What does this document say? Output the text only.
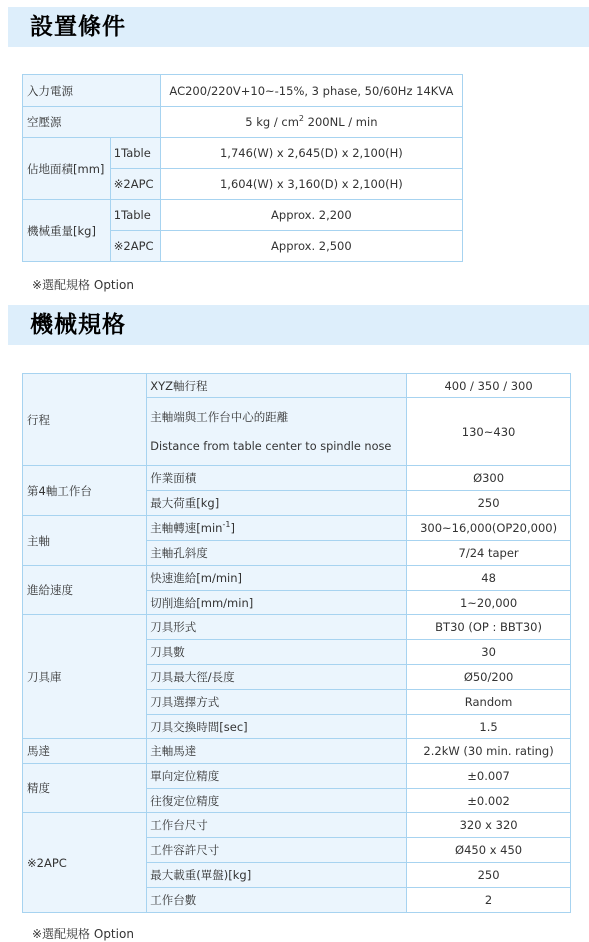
設置條件
入力電源		AC200/220V+10~-15%, 3 phase, 50/60Hz 14KVA
空壓源		5 kg / $cm^2$ 200NL / min
佔地面積[mm]	1Table	1,746(W) x 2,645(D) x 2,100(H)
	※2APC	1,604(W) x 3,160(D) x 2,100(H)
機械重量[kg]	1Table	Approx. 2,200
	※2APC	Approx. 2,500
※選配規格 Option
機械規格
行程	XYZ軸行程	400 / 350 / 300

	主軸端與工作台中心的距離
Distance from table center to spindle nose	130~430
第4軸工作台	作業面積	Ø300
	最大荷重[kg]	250
主軸	主軸轉速$[\min^{-1}]$	300~16,000(OP20,000)
	主軸孔斜度	7/24 taper
進給速度	快速進給[m/min]	48
	切削進給[mm/min]	1~20,000
刀具庫	刀具形式	BT30 (OP : BBT30)
	刀具數	30
	刀具最大徑/長度	Ø50/200
	刀具選擇方式	Random
	刀具交換時間[sec]	1.5
馬達	主軸馬達	2.2kW (30 min. rating)
精度	單向定位精度	±0.007
	往復定位精度	±0.002
※2APC	工作台尺寸	320 x 320
	工件容許尺寸	Ø450 x 450
	最大載重(單盤)[kg]	250
	工作台數	2
※選配規格 Option
